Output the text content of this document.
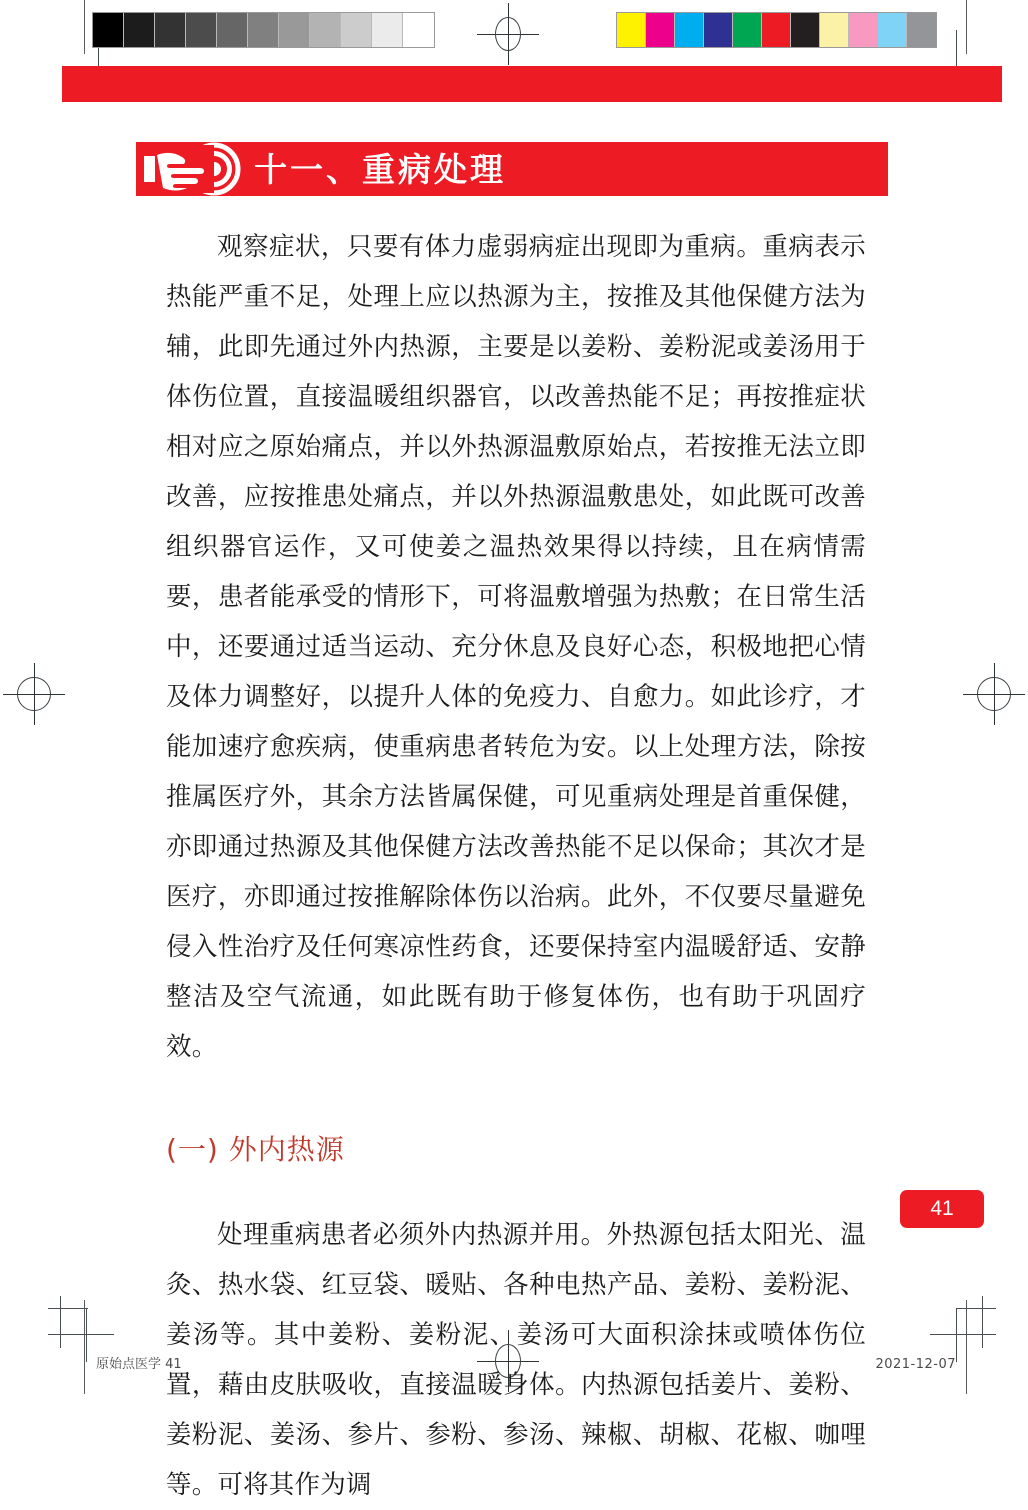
十一、重病处理

观察症状，只要有体力虚弱病症出现即为重病。重病表示热能严重不足，处理上应以热源为主，按推及其他保健方法为辅，此即先通过外内热源，主要是以姜粉、姜粉泥或姜汤用于体伤位置，直接温暖组织器官，以改善热能不足；再按推症状相对应之原始痛点，并以外热源温敷原始点，若按推无法立即改善，应按推患处痛点，并以外热源温敷患处，如此既可改善组织器官运作，又可使姜之温热效果得以持续，且在病情需要，患者能承受的情形下，可将温敷增强为热敷；在日常生活中，还要通过适当运动、充分休息及良好心态，积极地把心情及体力调整好，以提升人体的免疫力、自愈力。如此诊疗，才能加速疗愈疾病，使重病患者转危为安。以上处理方法，除按推属医疗外，其余方法皆属保健，可见重病处理是首重保健，亦即通过热源及其他保健方法改善热能不足以保命；其次才是医疗，亦即通过按推解除体伤以治病。此外，不仅要尽量避免侵入性治疗及任何寒凉性药食，还要保持室内温暖舒适、安静整洁及空气流通，如此既有助于修复体伤，也有助于巩固疗效。

(一) 外内热源

处理重病患者必须外内热源并用。外热源包括太阳光、温灸、热水袋、红豆袋、暖贴、各种电热产品、姜粉、姜粉泥、姜汤等。其中姜粉、姜粉泥、姜汤可大面积涂抹或喷体伤位置，藉由皮肤吸收，直接温暖身体。内热源包括姜片、姜粉、姜粉泥、姜汤、参片、参粉、参汤、辣椒、胡椒、花椒、咖哩等。可将其作为调

41
原始点医学 41	2021-12-07
